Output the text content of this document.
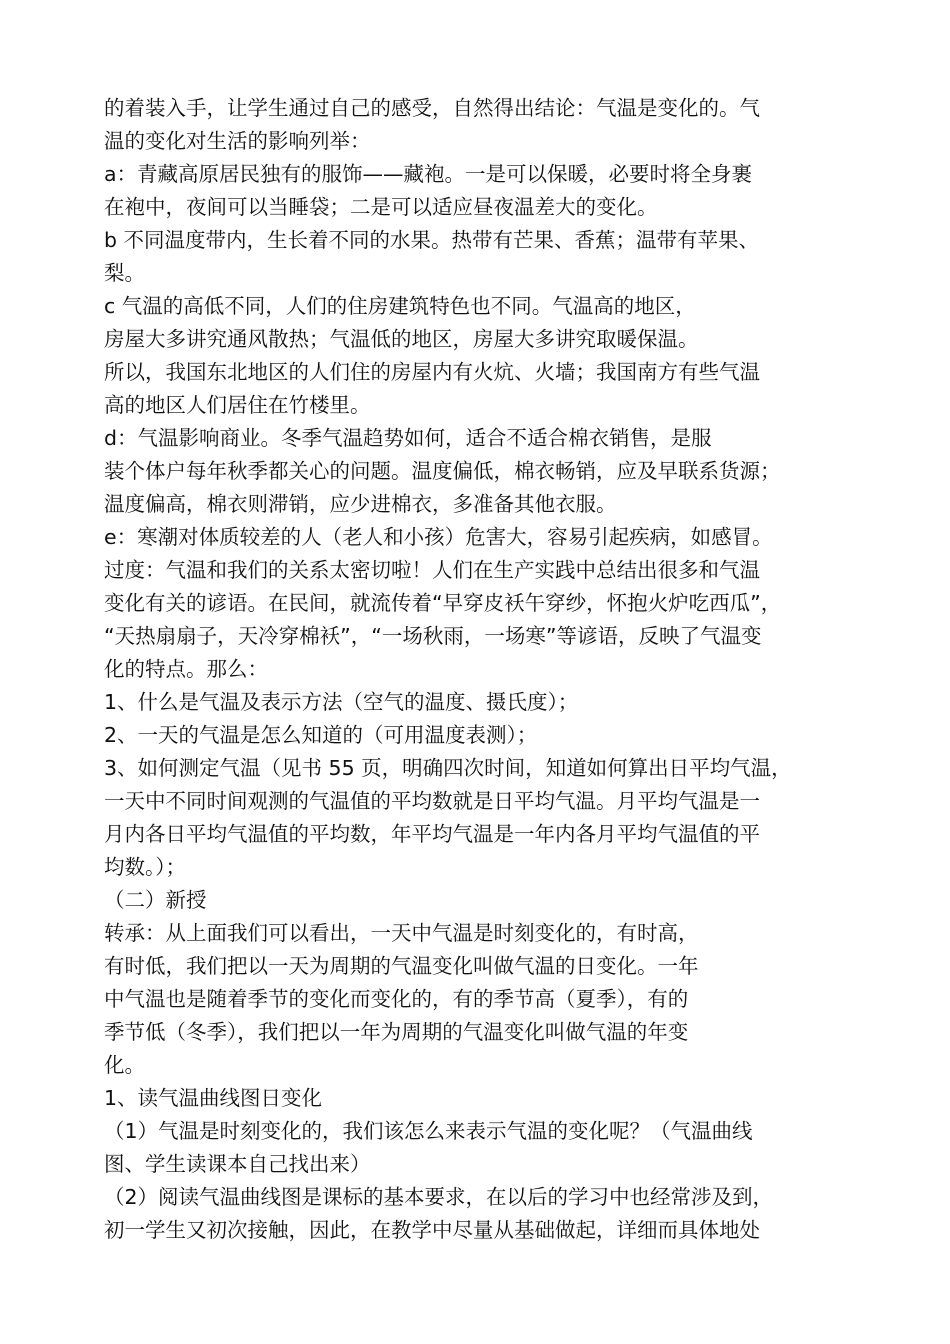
的着装入手，让学生通过自己的感受，自然得出结论：气温是变化的。气
温的变化对生活的影响列举：
a：青藏高原居民独有的服饰——藏袍。一是可以保暖，必要时将全身裹
在袍中，夜间可以当睡袋；二是可以适应昼夜温差大的变化。
b 不同温度带内，生长着不同的水果。热带有芒果、香蕉；温带有苹果、
梨。
c 气温的高低不同，人们的住房建筑特色也不同。气温高的地区，
房屋大多讲究通风散热；气温低的地区，房屋大多讲究取暖保温。
所以，我国东北地区的人们住的房屋内有火炕、火墙；我国南方有些气温
高的地区人们居住在竹楼里。
d：气温影响商业。冬季气温趋势如何，适合不适合棉衣销售，是服
装个体户每年秋季都关心的问题。温度偏低，棉衣畅销，应及早联系货源；
温度偏高，棉衣则滞销，应少进棉衣，多准备其他衣服。
e：寒潮对体质较差的人（老人和小孩）危害大，容易引起疾病，如感冒。
过度：气温和我们的关系太密切啦！人们在生产实践中总结出很多和气温
变化有关的谚语。在民间，就流传着“早穿皮袄午穿纱，怀抱火炉吃西瓜”，
“天热扇扇子，天冷穿棉袄”，“一场秋雨，一场寒”等谚语，反映了气温变
化的特点。那么：
1、什么是气温及表示方法（空气的温度、摄氏度）；
2、一天的气温是怎么知道的（可用温度表测）；
3、如何测定气温（见书 55 页，明确四次时间，知道如何算出日平均气温，
一天中不同时间观测的气温值的平均数就是日平均气温。月平均气温是一
月内各日平均气温值的平均数，年平均气温是一年内各月平均气温值的平
均数。）；
（二）新授
转承：从上面我们可以看出，一天中气温是时刻变化的，有时高，
有时低，我们把以一天为周期的气温变化叫做气温的日变化。一年
中气温也是随着季节的变化而变化的，有的季节高（夏季），有的
季节低（冬季），我们把以一年为周期的气温变化叫做气温的年变
化。
1、读气温曲线图日变化
（1）气温是时刻变化的，我们该怎么来表示气温的变化呢？（气温曲线
图、学生读课本自己找出来）
（2）阅读气温曲线图是课标的基本要求，在以后的学习中也经常涉及到，
初一学生又初次接触，因此，在教学中尽量从基础做起，详细而具体地处
